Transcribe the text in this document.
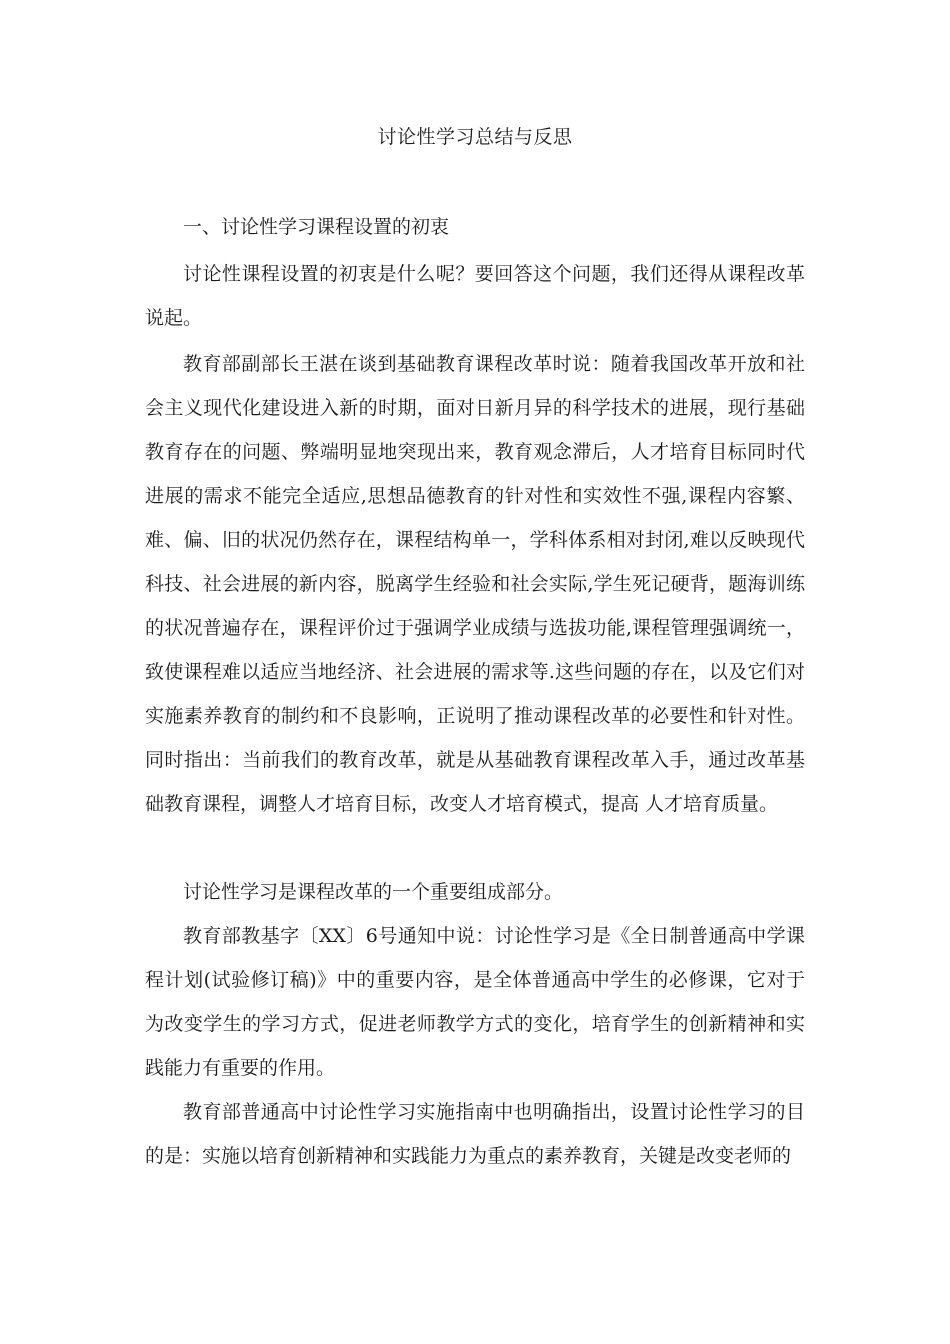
讨论性学习总结与反思
一、讨论性学习课程设置的初衷
讨论性课程设置的初衷是什么呢？要回答这个问题，我们还得从课程改革说起。
教育部副部长王湛在谈到基础教育课程改革时说：随着我国改革开放和社会主义现代化建设进入新的时期，面对日新月异的科学技术的进展，现行基础教育存在的问题、弊端明显地突现出来，教育观念滞后，人才培育目标同时代进展的需求不能完全适应,思想品德教育的针对性和实效性不强,课程内容繁、难、偏、旧的状况仍然存在，课程结构单一，学科体系相对封闭,难以反映现代科技、社会进展的新内容，脱离学生经验和社会实际,学生死记硬背，题海训练的状况普遍存在，课程评价过于强调学业成绩与选拔功能,课程管理强调统一，致使课程难以适应当地经济、社会进展的需求等.这些问题的存在，以及它们对实施素养教育的制约和不良影响，正说明了推动课程改革的必要性和针对性。同时指出：当前我们的教育改革，就是从基础教育课程改革入手，通过改革基础教育课程，调整人才培育目标，改变人才培育模式，提高 人才培育质量。
讨论性学习是课程改革的一个重要组成部分。
教育部教基字〔XX〕6号通知中说：讨论性学习是《全日制普通高中学课程计划(试验修订稿)》中的重要内容，是全体普通高中学生的必修课，它对于为改变学生的学习方式，促进老师教学方式的变化，培育学生的创新精神和实践能力有重要的作用。
教育部普通高中讨论性学习实施指南中也明确指出，设置讨论性学习的目的是：实施以培育创新精神和实践能力为重点的素养教育，关键是改变老师的
